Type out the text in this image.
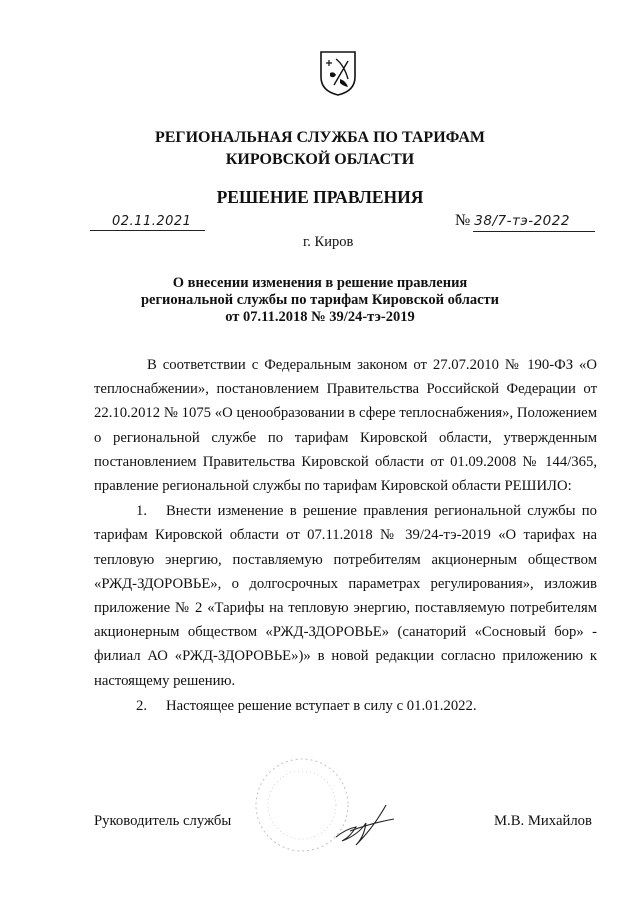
РЕГИОНАЛЬНАЯ СЛУЖБА ПО ТАРИФАМ
КИРОВСКОЙ ОБЛАСТИ
РЕШЕНИЕ ПРАВЛЕНИЯ
02.11.2021	№ 38/7-тэ-2022
г. Киров
О внесении изменения в решение правления
региональной службы по тарифам Кировской области
от 07.11.2018 № 39/24-тэ-2019

В соответствии с Федеральным законом от 27.07.2010 № 190-ФЗ «О теплоснабжении», постановлением Правительства Российской Федерации от 22.10.2012 № 1075 «О ценообразовании в сфере теплоснабжения», Положением о региональной службе по тарифам Кировской области, утвержденным постановлением Правительства Кировской области от 01.09.2008 № 144/365, правление региональной службы по тарифам Кировской области РЕШИЛО:

1. Внести изменение в решение правления региональной службы по тарифам Кировской области от 07.11.2018 № 39/24-тэ-2019 «О тарифах на тепловую энергию, поставляемую потребителям акционерным обществом «РЖД-ЗДОРОВЬЕ», о долгосрочных параметрах регулирования», изложив приложение № 2 «Тарифы на тепловую энергию, поставляемую потребителям акционерным обществом «РЖД-ЗДОРОВЬЕ» (санаторий «Сосновый бор» - филиал АО «РЖД-ЗДОРОВЬЕ»)» в новой редакции согласно приложению к настоящему решению.

2. Настоящее решение вступает в силу с 01.01.2022.

Руководитель службы	М.В. Михайлов
